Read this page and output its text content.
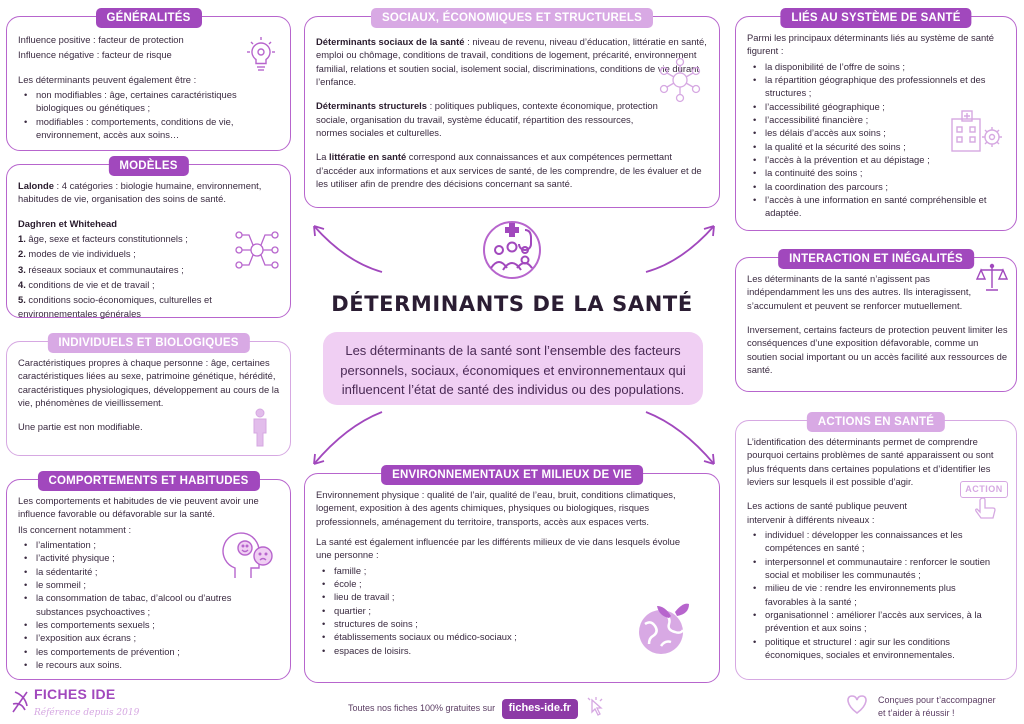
GÉNÉRALITÉS

Influence positive : facteur de protection

Influence négative : facteur de risque

Les déterminants peuvent également être :

• non modifiables : âge, certaines caractéristiques biologiques ou génétiques ;
• modifiables : comportements, conditions de vie, environnement, accès aux soins…
MODÈLES

Lalonde : 4 catégories : biologie humaine, environnement, habitudes de vie, organisation des soins de santé.

Daghren et Whitehead

1. âge, sexe et facteurs constitutionnels ;

2. modes de vie individuels ;

3. réseaux sociaux et communautaires ;

4. conditions de vie et de travail ;

5. conditions socio-économiques, culturelles et environnementales générales

INDIVIDUELS ET BIOLOGIQUES

Caractéristiques propres à chaque personne : âge, certaines caractéristiques liées au sexe, patrimoine génétique, hérédité, caractéristiques physiologiques, développement au cours de la vie, phénomènes de vieillissement.

Une partie est non modifiable.

COMPORTEMENTS ET HABITUDES

Les comportements et habitudes de vie peuvent avoir une influence favorable ou défavorable sur la santé.

Ils concernent notamment :

• l’alimentation ;
• l’activité physique ;
• la sédentarité ;
• le sommeil ;
• la consommation de tabac, d’alcool ou d’autres substances psychoactives ;
• les comportements sexuels ;
• l’exposition aux écrans ;
• les comportements de prévention ;
• le recours aux soins.
SOCIAUX, ÉCONOMIQUES ET STRUCTURELS

Déterminants sociaux de la santé : niveau de revenu, niveau d’éducation, littératie en santé, emploi ou chômage, conditions de travail, conditions de logement, précarité, environnement familial, relations et soutien social, isolement social, discriminations, conditions de vie durant l’enfance.

Déterminants structurels : politiques publiques, contexte économique, protection sociale, organisation du travail, système éducatif, répartition des ressources, normes sociales et culturelles.

La littératie en santé correspond aux connaissances et aux compétences permettant d’accéder aux informations et aux services de santé, de les comprendre, de les évaluer et de les utiliser afin de prendre des décisions concernant sa santé.

DÉTERMINANTS DE LA SANTÉ
Les déterminants de la santé sont l’ensemble des facteurs personnels, sociaux, économiques et environnementaux qui influencent l’état de santé des individus ou des populations.
ENVIRONNEMENTAUX ET MILIEUX DE VIE

Environnement physique : qualité de l’air, qualité de l’eau, bruit, conditions climatiques, logement, exposition à des agents chimiques, physiques ou biologiques, risques professionnels, aménagement du territoire, transports, accès aux espaces verts.

La santé est également influencée par les différents milieux de vie dans lesquels évolue une personne :

• famille ;
• école ;
• lieu de travail ;
• quartier ;
• structures de soins ;
• établissements sociaux ou médico-sociaux ;
• espaces de loisirs.
LIÉS AU SYSTÈME DE SANTÉ

Parmi les principaux déterminants liés au système de santé figurent :

• la disponibilité de l’offre de soins ;
• la répartition géographique des professionnels et des structures ;
• l’accessibilité géographique ;
• l’accessibilité financière ;
• les délais d’accès aux soins ;
• la qualité et la sécurité des soins ;
• l’accès à la prévention et au dépistage ;
• la continuité des soins ;
• la coordination des parcours ;
• l’accès à une information en santé compréhensible et adaptée.
INTERACTION ET INÉGALITÉS

Les déterminants de la santé n’agissent pas indépendamment les uns des autres. Ils interagissent, s’accumulent et peuvent se renforcer mutuellement.

Inversement, certains facteurs de protection peuvent limiter les conséquences d’une exposition défavorable, comme un soutien social important ou un accès facilité aux ressources de santé.

ACTIONS EN SANTÉ

L’identification des déterminants permet de comprendre pourquoi certains problèmes de santé apparaissent ou sont plus fréquents dans certaines populations et d’identifier les leviers sur lesquels il est possible d’agir.

Les actions de santé publique peuvent intervenir à différents niveaux :

• individuel : développer les connaissances et les compétences en santé ;
• interpersonnel et communautaire : renforcer le soutien social et mobiliser les communautés ;
• milieu de vie : rendre les environnements plus favorables à la santé ;
• organisationnel : améliorer l’accès aux services, à la prévention et aux soins ;
• politique et structurel : agir sur les conditions économiques, sociales et environnementales.
ACTION
FICHES IDE
Référence depuis 2019	Toutes nos fiches 100% gratuites sur fiches-ide.fr
Conçues pour t’accompagner
et t’aider à réussir !
